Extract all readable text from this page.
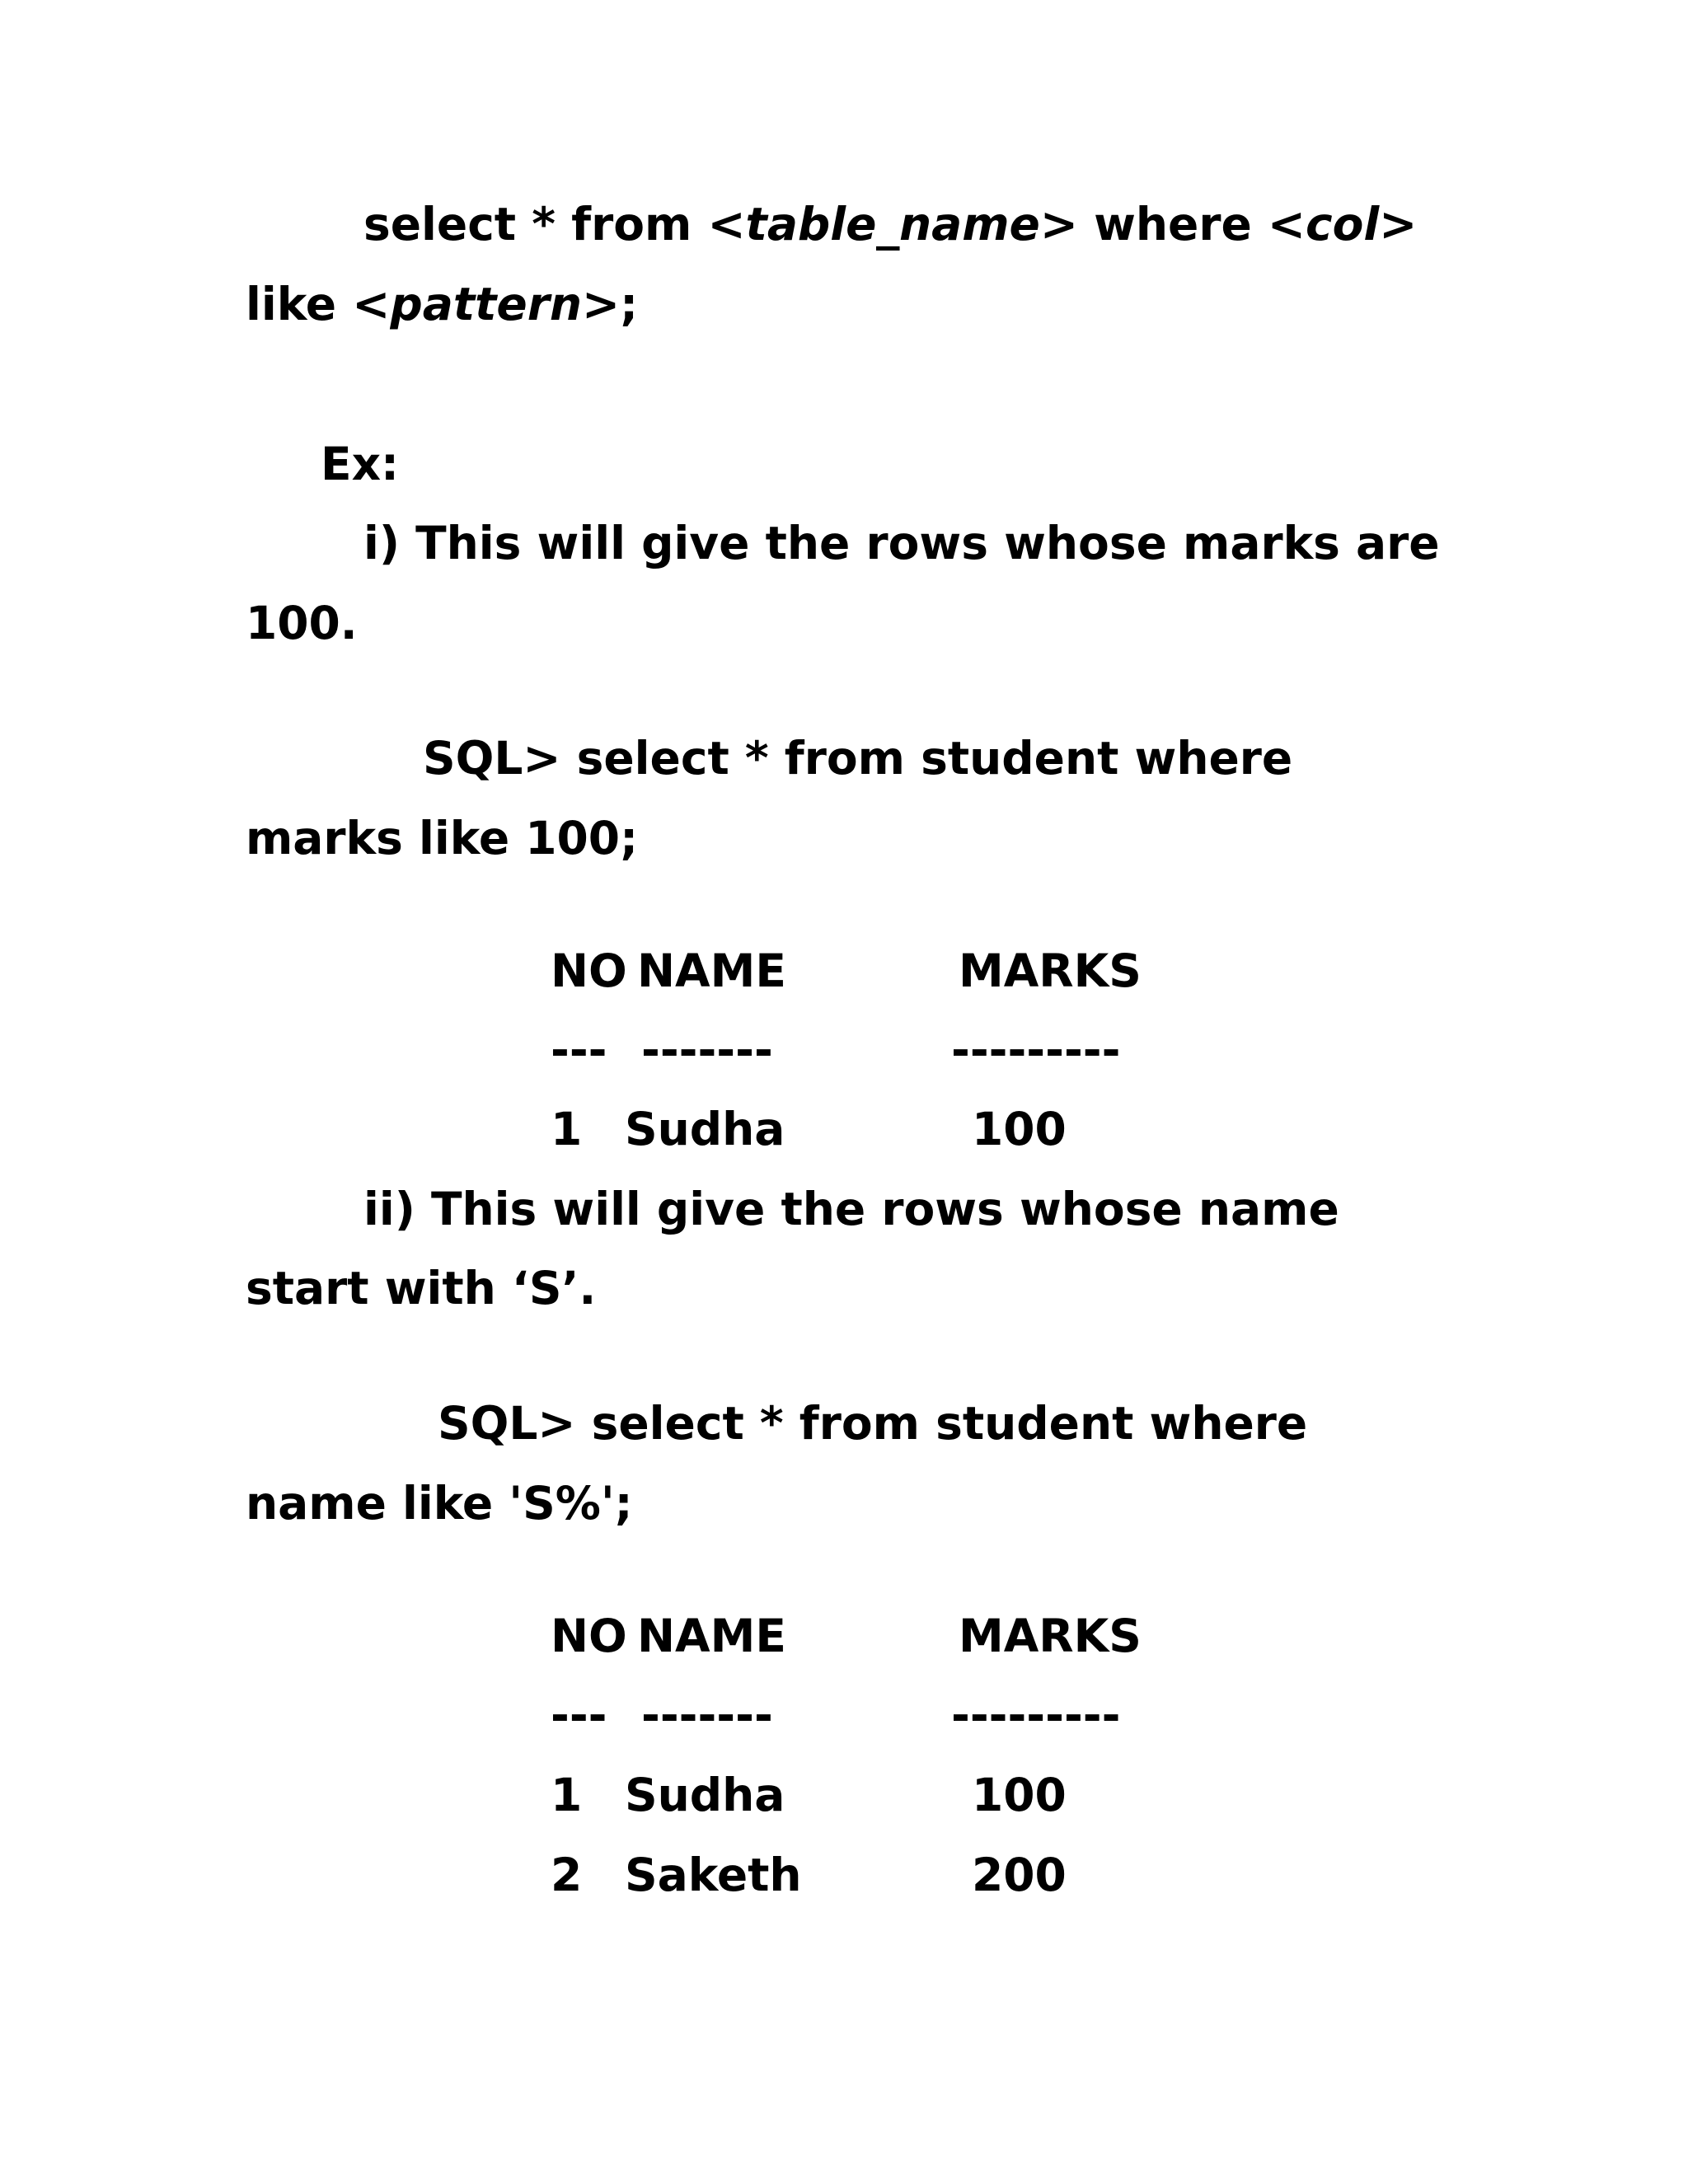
select * from <table_name> where <col>
like <pattern>;
Ex:
i) This will give the rows whose marks are
100.
SQL> select * from student where
marks like 100;
NO NAME	MARKS
--- -------	---------
1 Sudha	100
ii) This will give the rows whose name
start with ‘S’.
SQL> select * from student where
name like 'S%';
NO NAME	MARKS
--- -------	---------
1 Sudha	100
2 Saketh	200
